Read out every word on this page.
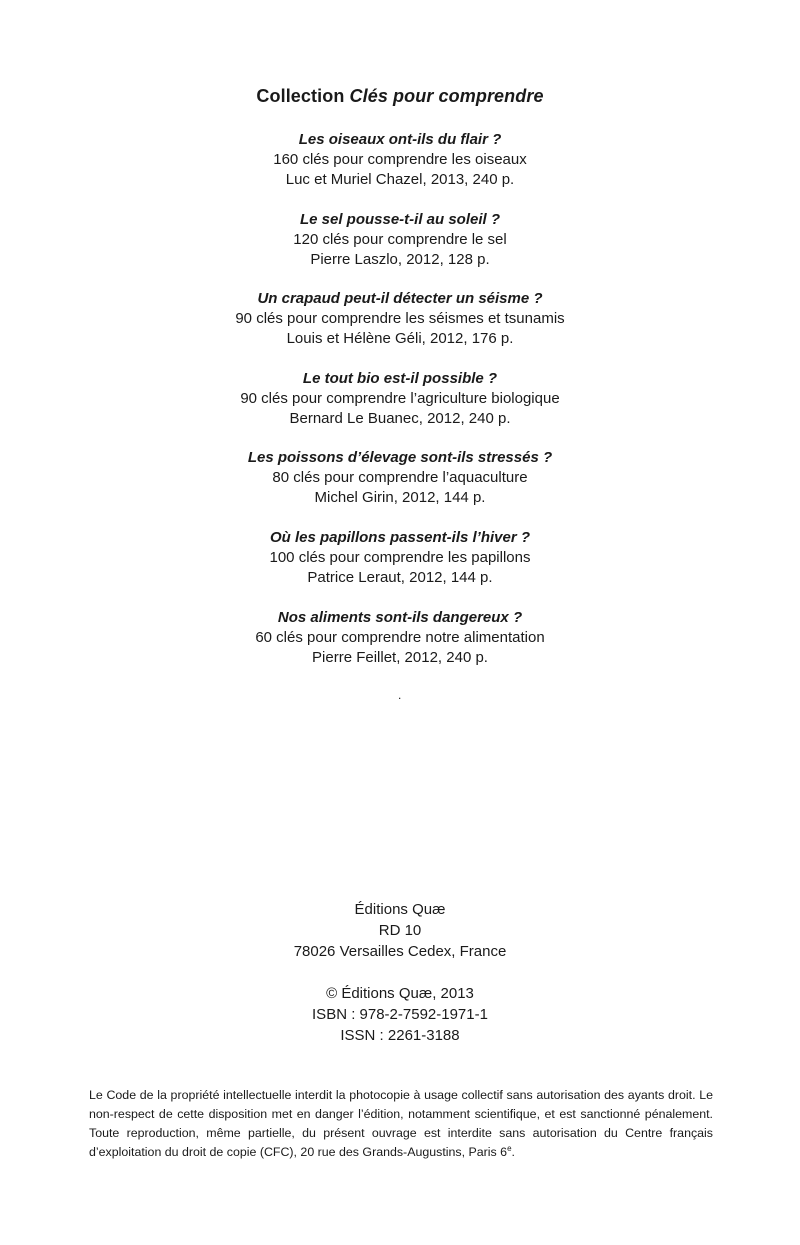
Collection Clés pour comprendre
Les oiseaux ont-ils du flair ?
160 clés pour comprendre les oiseaux
Luc et Muriel Chazel, 2013, 240 p.
Le sel pousse-t-il au soleil ?
120 clés pour comprendre le sel
Pierre Laszlo, 2012, 128 p.
Un crapaud peut-il détecter un séisme ?
90 clés pour comprendre les séismes et tsunamis
Louis et Hélène Géli, 2012, 176 p.
Le tout bio est-il possible ?
90 clés pour comprendre l’agriculture biologique
Bernard Le Buanec, 2012, 240 p.
Les poissons d’élevage sont-ils stressés ?
80 clés pour comprendre l’aquaculture
Michel Girin, 2012, 144 p.
Où les papillons passent-ils l’hiver ?
100 clés pour comprendre les papillons
Patrice Leraut, 2012, 144 p.
Nos aliments sont-ils dangereux ?
60 clés pour comprendre notre alimentation
Pierre Feillet, 2012, 240 p.
.
Éditions Quæ
RD 10
78026 Versailles Cedex, France
© Éditions Quæ, 2013
ISBN : 978-2-7592-1971-1
ISSN : 2261-3188
Le Code de la propriété intellectuelle interdit la photocopie à usage collectif sans autorisation des ayants droit. Le non-respect de cette disposition met en danger l’édition, notamment scientifique, et est sanctionné pénalement. Toute reproduction, même partielle, du présent ouvrage est interdite sans autorisation du Centre français d’exploitation du droit de copie (CFC), 20 rue des Grands-Augustins, Paris 6e.
